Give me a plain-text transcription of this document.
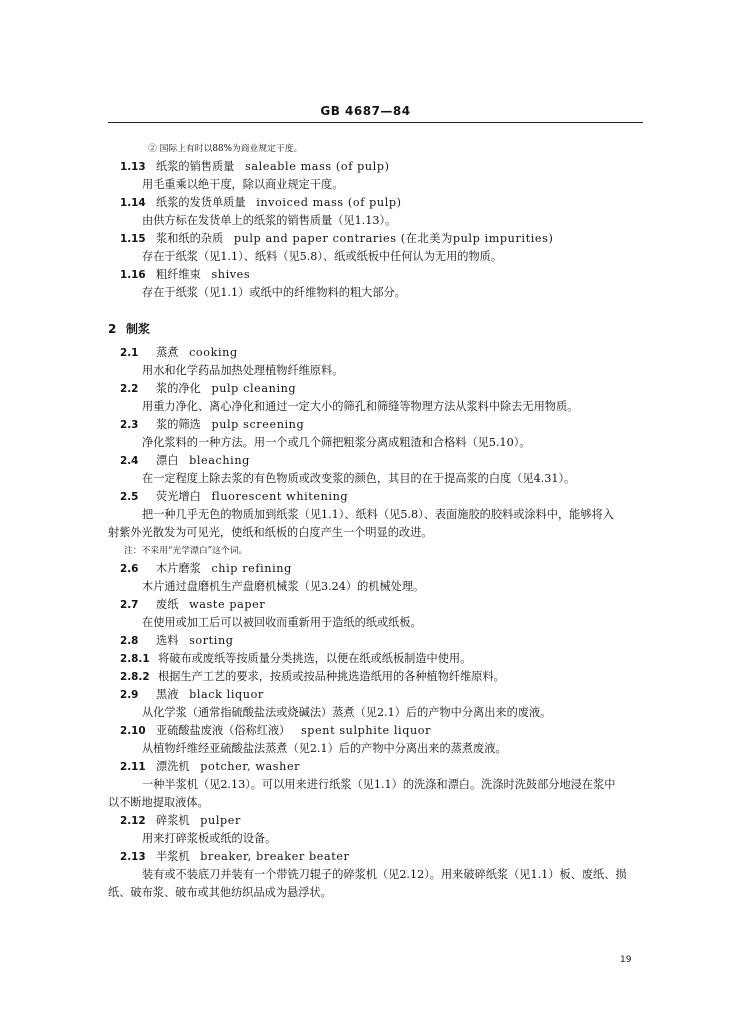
GB 4687—84
② 国际上有时以88%为商业规定干度。
1.13 纸浆的销售质量 saleable mass (of pulp)
用毛重乘以绝干度，除以商业规定干度。
1.14 纸浆的发货单质量 invoiced mass (of pulp)
由供方标在发货单上的纸浆的销售质量（见1.13）。
1.15 浆和纸的杂质 pulp and paper contraries (在北美为pulp impurities)
存在于纸浆（见1.1）、纸料（见5.8）、纸或纸板中任何认为无用的物质。
1.16 粗纤维束 shives
存在于纸浆（见1.1）或纸中的纤维物料的粗大部分。
2 制浆
2.1 蒸煮 cooking
用水和化学药品加热处理植物纤维原料。
2.2 浆的净化 pulp cleaning
用重力净化、离心净化和通过一定大小的筛孔和筛缝等物理方法从浆料中除去无用物质。
2.3 浆的筛选 pulp screening
净化浆料的一种方法。用一个或几个筛把粗浆分离成粗渣和合格料（见5.10）。
2.4 漂白 bleaching
在一定程度上除去浆的有色物质或改变浆的颜色，其目的在于提高浆的白度（见4.31）。
2.5 荧光增白 fluorescent whitening
把一种几乎无色的物质加到纸浆（见1.1）、纸料（见5.8）、表面施胶的胶料或涂料中，能够将入
射紫外光散发为可见光，使纸和纸板的白度产生一个明显的改进。
注：不采用“光学漂白”这个词。
2.6 木片磨浆 chip refining
木片通过盘磨机生产盘磨机械浆（见3.24）的机械处理。
2.7 废纸 waste paper
在使用或加工后可以被回收而重新用于造纸的纸或纸板。
2.8 选料 sorting
2.8.1 将破布或废纸等按质量分类挑选，以便在纸或纸板制造中使用。
2.8.2 根据生产工艺的要求，按质或按品种挑选造纸用的各种植物纤维原料。
2.9 黑液 black liquor
从化学浆（通常指硫酸盐法或烧碱法）蒸煮（见2.1）后的产物中分离出来的废液。
2.10 亚硫酸盐废液（俗称红液） spent sulphite liquor
从植物纤维经亚硫酸盐法蒸煮（见2.1）后的产物中分离出来的蒸煮废液。
2.11 漂洗机 potcher, washer
一种半浆机（见2.13）。可以用来进行纸浆（见1.1）的洗涤和漂白。洗涤时洗鼓部分地浸在浆中
以不断地提取液体。
2.12 碎浆机 pulper
用来打碎浆板或纸的设备。
2.13 半浆机 breaker, breaker beater
装有或不装底刀并装有一个带铣刀辊子的碎浆机（见2.12）。用来破碎纸浆（见1.1）板、废纸、损
纸、破布浆、破布或其他纺织品成为悬浮状。
19
